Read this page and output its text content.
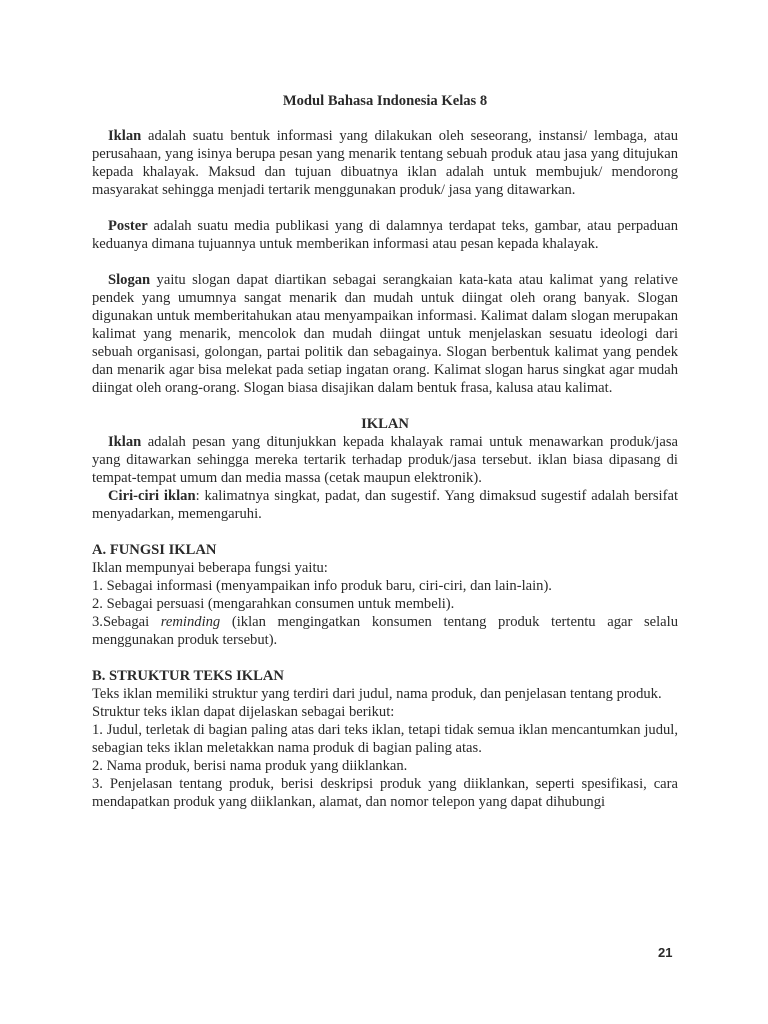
Modul Bahasa Indonesia Kelas 8

Iklan adalah suatu bentuk informasi yang dilakukan oleh seseorang, instansi/ lembaga, atau perusahaan, yang isinya berupa pesan yang menarik tentang sebuah produk atau jasa yang ditujukan kepada khalayak. Maksud dan tujuan dibuatnya iklan adalah untuk membujuk/ mendorong masyarakat sehingga menjadi tertarik menggunakan produk/ jasa yang ditawarkan.

Poster adalah suatu media publikasi yang di dalamnya terdapat teks, gambar, atau perpaduan keduanya dimana tujuannya untuk memberikan informasi atau pesan kepada khalayak.

Slogan yaitu slogan dapat diartikan sebagai serangkaian kata-kata atau kalimat yang relative pendek yang umumnya sangat menarik dan mudah untuk diingat oleh orang banyak. Slogan digunakan untuk memberitahukan atau menyampaikan informasi. Kalimat dalam slogan merupakan kalimat yang menarik, mencolok dan mudah diingat untuk menjelaskan sesuatu ideologi dari sebuah organisasi, golongan, partai politik dan sebagainya. Slogan berbentuk kalimat yang pendek dan menarik agar bisa melekat pada setiap ingatan orang. Kalimat slogan harus singkat agar mudah diingat oleh orang-orang. Slogan biasa disajikan dalam bentuk frasa, kalusa atau kalimat.

IKLAN

Iklan adalah pesan yang ditunjukkan kepada khalayak ramai untuk menawarkan produk/jasa yang ditawarkan sehingga mereka tertarik terhadap produk/jasa tersebut. iklan biasa dipasang di tempat-tempat umum dan media massa (cetak maupun elektronik).

Ciri-ciri iklan: kalimatnya singkat, padat, dan sugestif. Yang dimaksud sugestif adalah bersifat menyadarkan, memengaruhi.

A. FUNGSI IKLAN

Iklan mempunyai beberapa fungsi yaitu:

1. Sebagai informasi (menyampaikan info produk baru, ciri-ciri, dan lain-lain).

2. Sebagai persuasi (mengarahkan consumen untuk membeli).

3.Sebagai reminding (iklan mengingatkan konsumen tentang produk tertentu agar selalu menggunakan produk tersebut).

B. STRUKTUR TEKS IKLAN

Teks iklan memiliki struktur yang terdiri dari judul, nama produk, dan penjelasan tentang produk.

Struktur teks iklan dapat dijelaskan sebagai berikut:

1. Judul, terletak di bagian paling atas dari teks iklan, tetapi tidak semua iklan mencantumkan judul, sebagian teks iklan meletakkan nama produk di bagian paling atas.

2. Nama produk, berisi nama produk yang diiklankan.

3. Penjelasan tentang produk, berisi deskripsi produk yang diiklankan, seperti spesifikasi, cara mendapatkan produk yang diiklankan, alamat, dan nomor telepon yang dapat dihubungi

21
